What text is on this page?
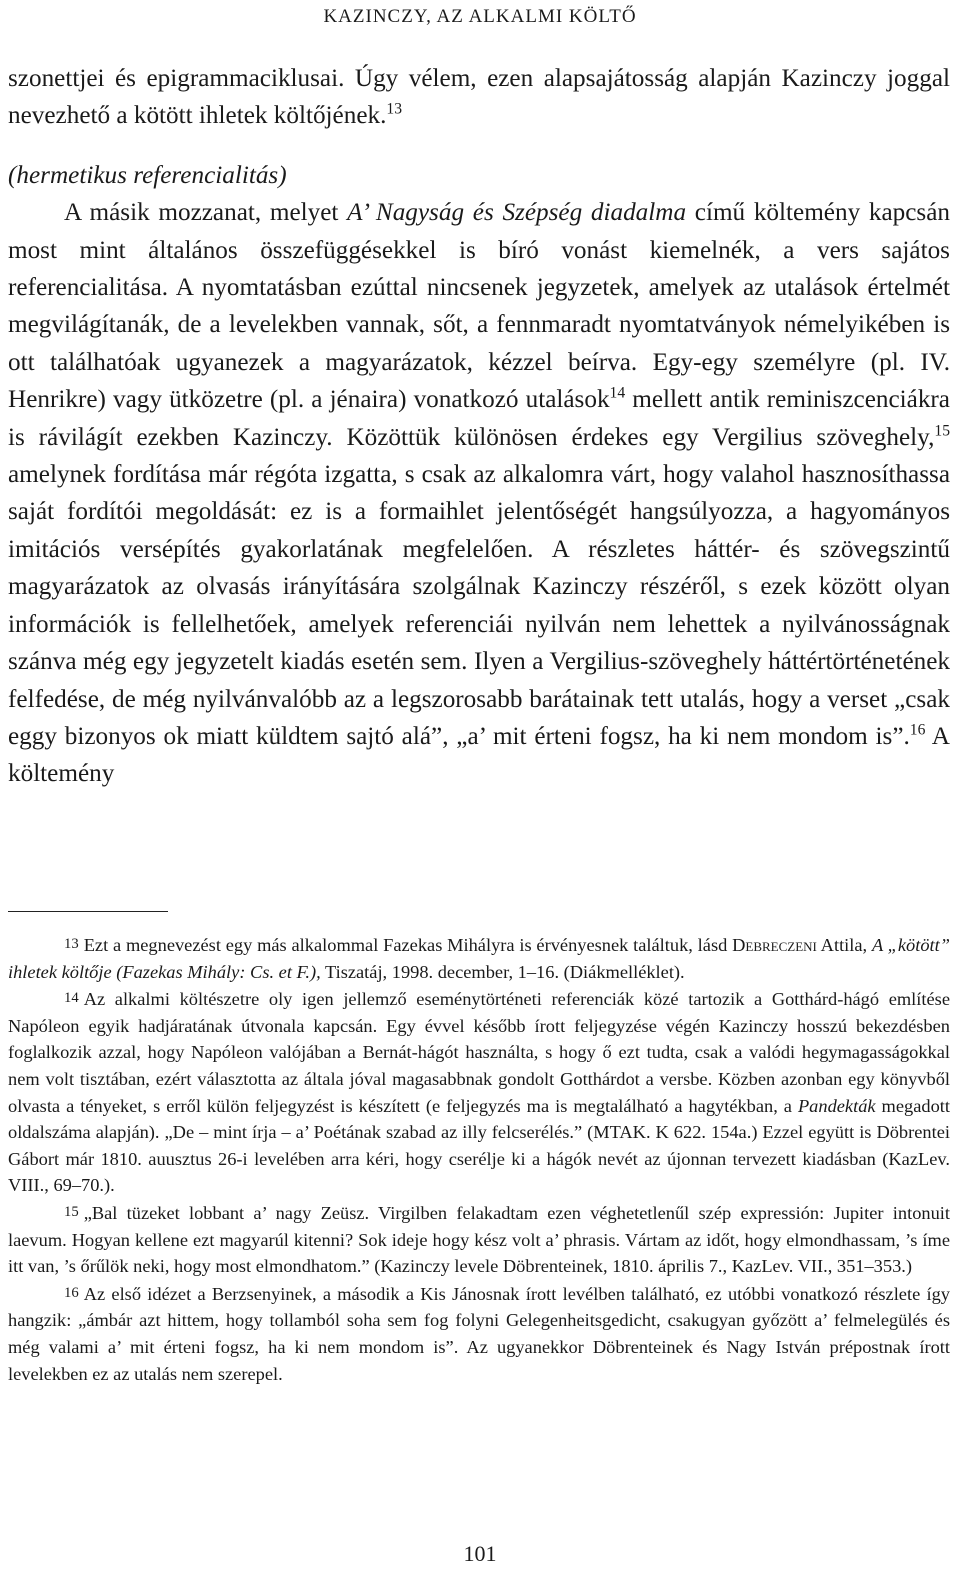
KAZINCZY, AZ ALKALMI KÖLTŐ

szonettjei és epigrammaciklusai. Úgy vélem, ezen alapsajátosság alapján Kazinczy joggal nevezhető a kötött ihletek költőjének.$^{13}$

(hermetikus referencialitás)

A másik mozzanat, melyet A’ Nagyság és Szépség diadalma című költemény kapcsán most mint általános összefüggésekkel is bíró vonást kiemelnék, a vers sajátos referencialitása. A nyomtatásban ezúttal nincsenek jegyzetek, amelyek az utalások értelmét megvilágítanák, de a levelekben vannak, sőt, a fennmaradt nyomtatványok némelyikében is ott találhatóak ugyanezek a magyarázatok, kézzel beírva. Egy-egy személyre (pl. IV. Henrikre) vagy ütközetre (pl. a jénaira) vonatkozó utalások$^{14}$ mellett antik reminiszcenciákra is rávilágít ezekben Kazinczy. Közöttük különösen érdekes egy Vergilius szöveghely,$^{15}$ amelynek fordítása már régóta izgatta, s csak az alkalomra várt, hogy valahol hasznosíthassa saját fordítói megoldását: ez is a formaihlet jelentőségét hangsúlyozza, a hagyományos imitációs versépítés gyakorlatának megfelelően. A részletes háttér- és szövegszintű magyarázatok az olvasás irányítására szolgálnak Kazinczy részéről, s ezek között olyan információk is fellelhetőek, amelyek referenciái nyilván nem lehettek a nyilvánosságnak szánva még egy jegyzetelt kiadás esetén sem. Ilyen a Vergilius-szöveghely háttértörténetének felfedése, de még nyilvánvalóbb az a legszorosabb barátainak tett utalás, hogy a verset „csak eggy bizonyos ok miatt küldtem sajtó alá”, „a’ mit érteni fogsz, ha ki nem mondom is”.$^{16}$ A költemény

13 Ezt a megnevezést egy más alkalommal Fazekas Mihályra is érvényesnek találtuk, lásd Debreczeni Attila, A „kötött” ihletek költője (Fazekas Mihály: Cs. et F.), Tiszatáj, 1998. december, 1–16. (Diákmelléklet).

14 Az alkalmi költészetre oly igen jellemző eseménytörténeti referenciák közé tartozik a Gotthárd-hágó említése Napóleon egyik hadjáratának útvonala kapcsán. Egy évvel később írott feljegyzése végén Kazinczy hosszú bekezdésben foglalkozik azzal, hogy Napóleon valójában a Bernát-hágót használta, s hogy ő ezt tudta, csak a valódi hegymagasságokkal nem volt tisztában, ezért választotta az általa jóval magasabbnak gondolt Gotthárdot a versbe. Közben azonban egy könyvből olvasta a tényeket, s erről külön feljegyzést is készített (e feljegyzés ma is megtalálható a hagytékban, a Pandekták megadott oldalszáma alapján). „De – mint írja – a’ Poétának szabad az illy felcserélés.” (MTAK. K 622. 154a.) Ezzel együtt is Döbrentei Gábort már 1810. auusztus 26-i levelében arra kéri, hogy cserélje ki a hágók nevét az újonnan tervezett kiadásban (KazLev. VIII., 69–70.).

15 „Bal tüzeket lobbant a’ nagy Zeüsz. Virgilben felakadtam ezen véghetetlenűl szép expressión: Jupiter intonuit laevum. Hogyan kellene ezt magyarúl kitenni? Sok ideje hogy kész volt a’ phrasis. Vártam az időt, hogy elmondhassam, ’s íme itt van, ’s őrűlök neki, hogy most elmondhatom.” (Kazinczy levele Döbrenteinek, 1810. április 7., KazLev. VII., 351–353.)

16 Az első idézet a Berzsenyinek, a második a Kis Jánosnak írott levélben található, ez utóbbi vonatkozó részlete így hangzik: „ámbár azt hittem, hogy tollamból soha sem fog folyni Gelegenheitsgedicht, csakugyan győzött a’ felmelegülés és még valami a’ mit érteni fogsz, ha ki nem mondom is”. Az ugyanekkor Döbrenteinek és Nagy István prépostnak írott levelekben ez az utalás nem szerepel.

101
